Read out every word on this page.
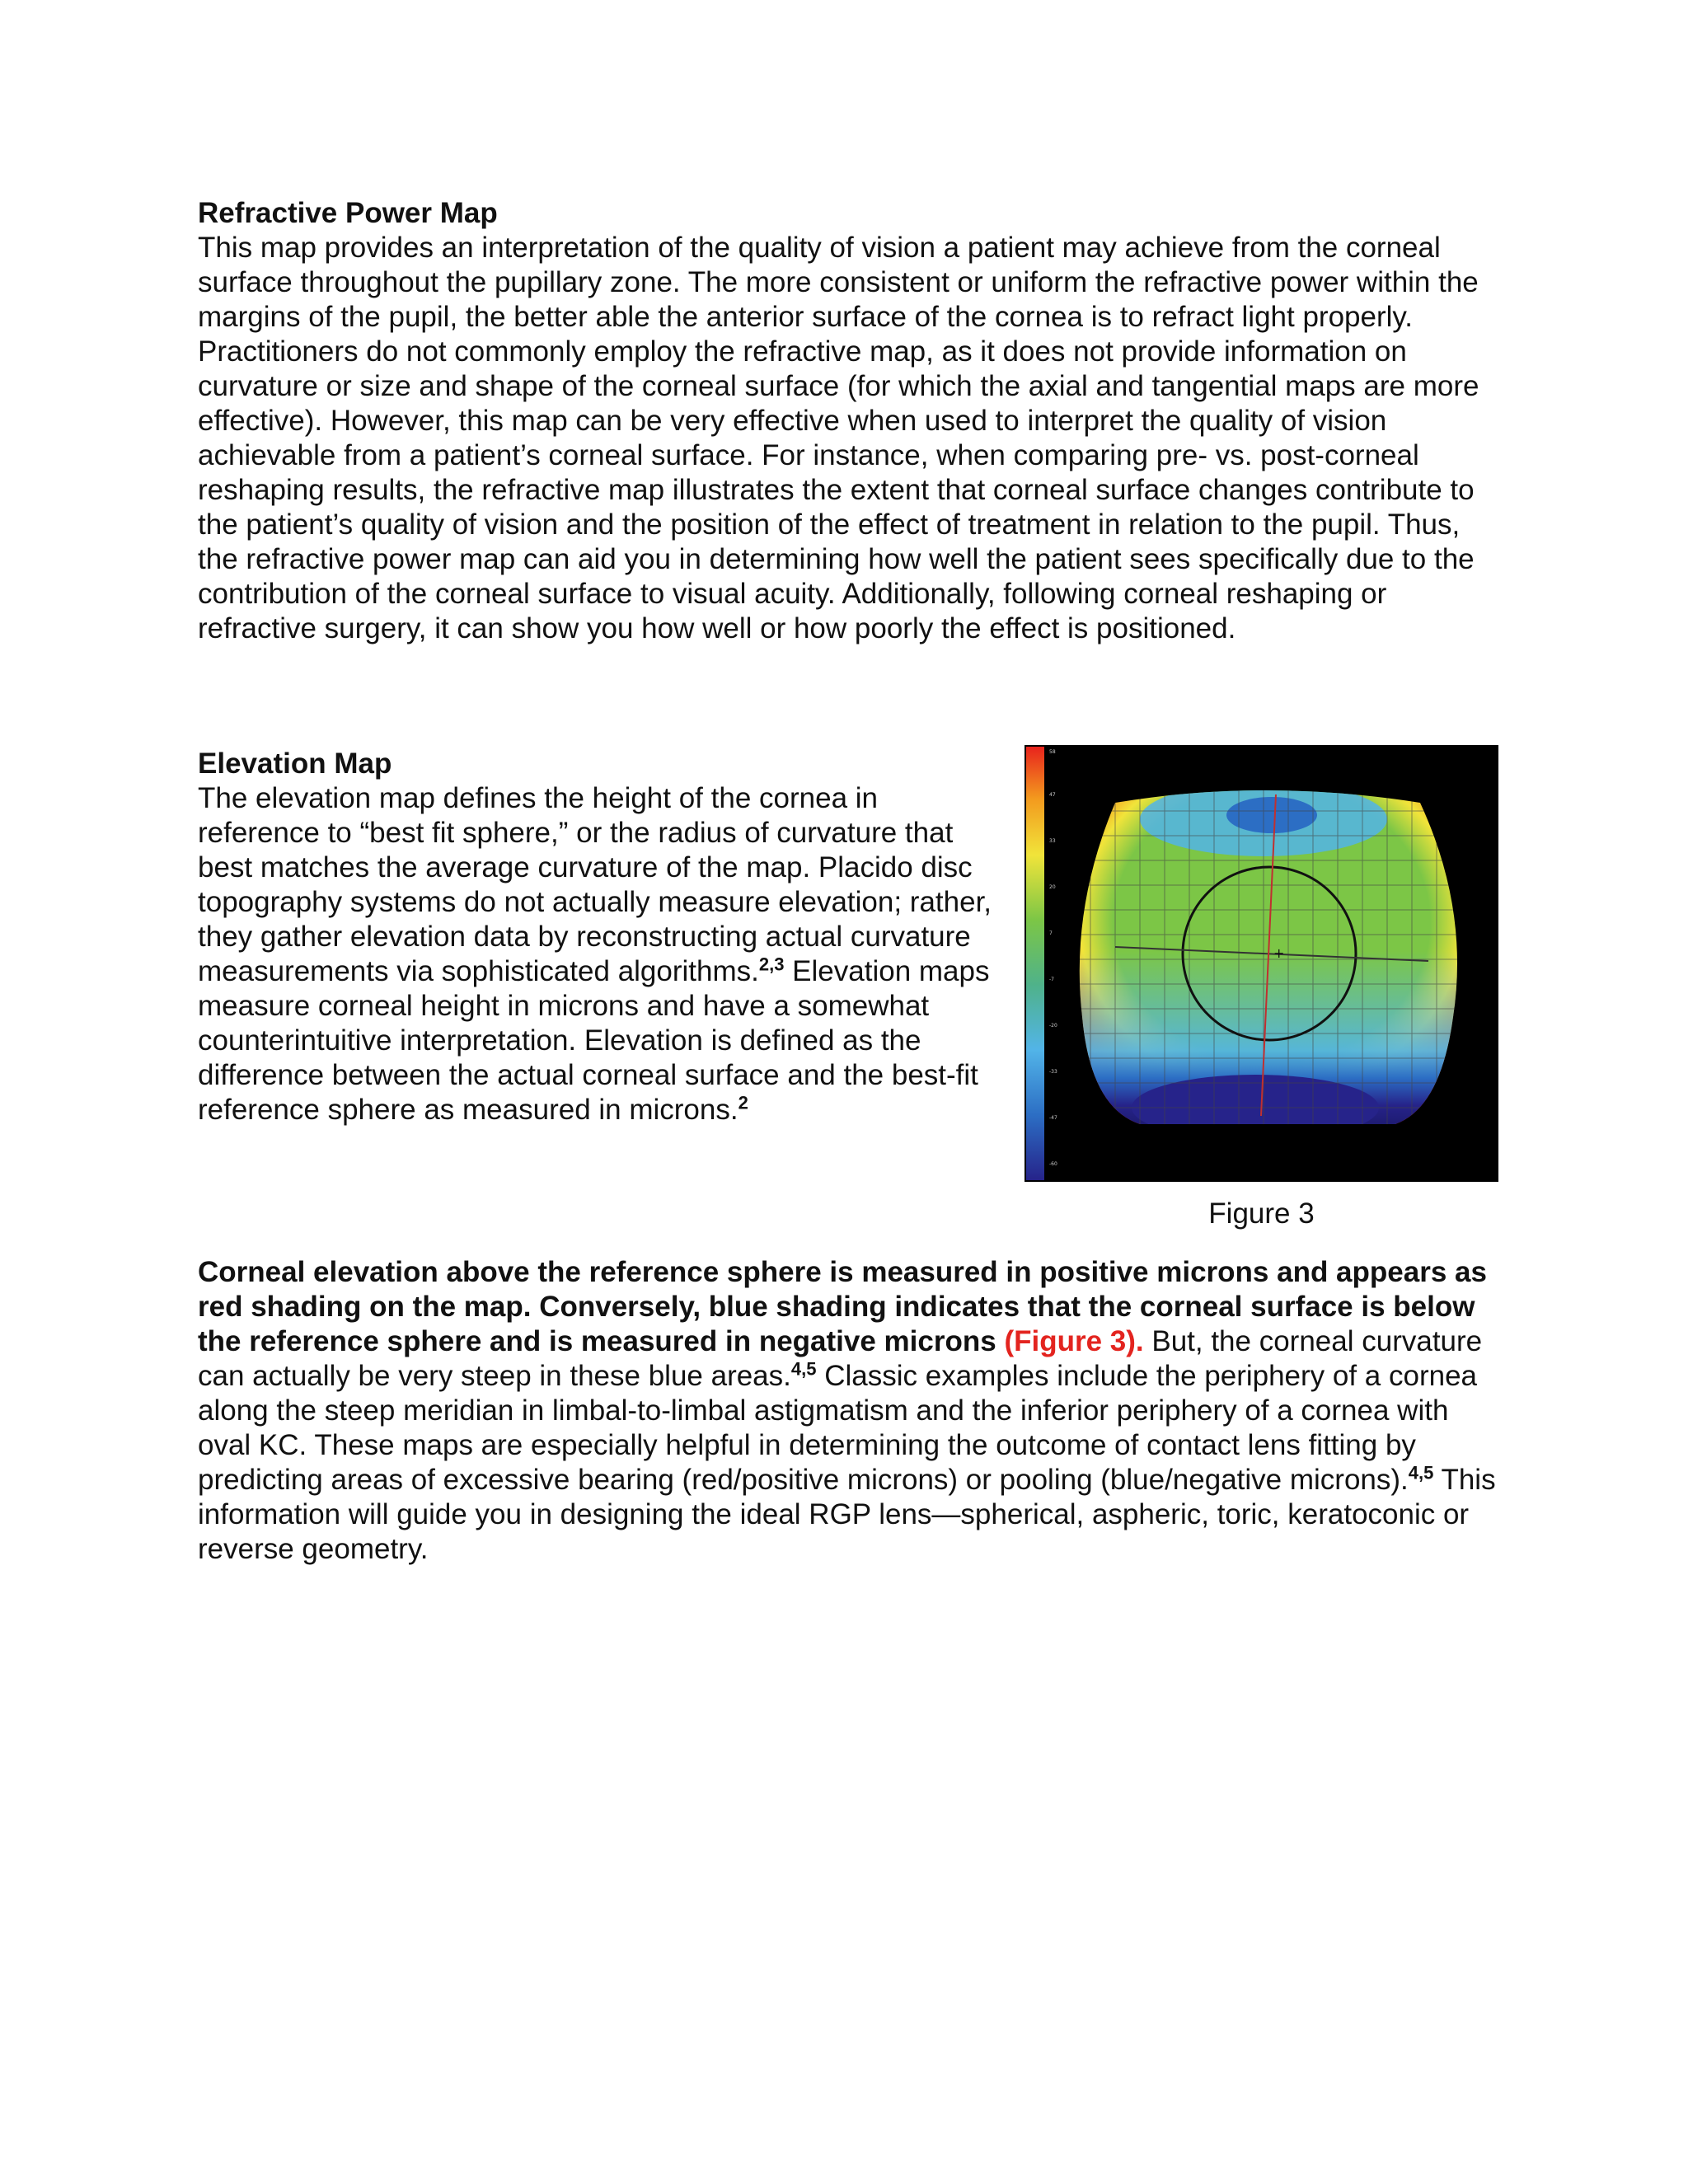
Refractive Power Map

This map provides an interpretation of the quality of vision a patient may achieve from the corneal surface throughout the pupillary zone. The more consistent or uniform the refractive power within the margins of the pupil, the better able the anterior surface of the cornea is to refract light properly. Practitioners do not commonly employ the refractive map, as it does not provide information on curvature or size and shape of the corneal surface (for which the axial and tangential maps are more effective). However, this map can be very effective when used to interpret the quality of vision achievable from a patient’s corneal surface. For instance, when comparing pre- vs. post-corneal reshaping results, the refractive map illustrates the extent that corneal surface changes contribute to the patient’s quality of vision and the position of the effect of treatment in relation to the pupil. Thus, the refractive power map can aid you in determining how well the patient sees specifically due to the contribution of the corneal surface to visual acuity. Additionally, following corneal reshaping or refractive surgery, it can show you how well or how poorly the effect is positioned.

Elevation Map

The elevation map defines the height of the cornea in reference to “best fit sphere,” or the radius of curvature that best matches the average curvature of the map. Placido disc topography systems do not actually measure elevation; rather, they gather elevation data by reconstructing actual curvature measurements via sophisticated algorithms.$^{2,3}$ Elevation maps measure corneal height in microns and have a somewhat counterintuitive interpretation. Elevation is defined as the difference between the actual corneal surface and the best-fit reference sphere as measured in microns.$^2$

58
47
33
20
7
-7
-20
-33
-47
-60
+
Figure 3

Corneal elevation above the reference sphere is measured in positive microns and appears as red shading on the map. Conversely, blue shading indicates that the corneal surface is below the reference sphere and is measured in negative microns (Figure 3). But, the corneal curvature can actually be very steep in these blue areas.$^{4,5}$ Classic examples include the periphery of a cornea along the steep meridian in limbal-to-limbal astigmatism and the inferior periphery of a cornea with oval KC. These maps are especially helpful in determining the outcome of contact lens fitting by predicting areas of excessive bearing (red/positive microns) or pooling (blue/negative microns).$^{4,5}$ This information will guide you in designing the ideal RGP lens—spherical, aspheric, toric, keratoconic or reverse geometry.
